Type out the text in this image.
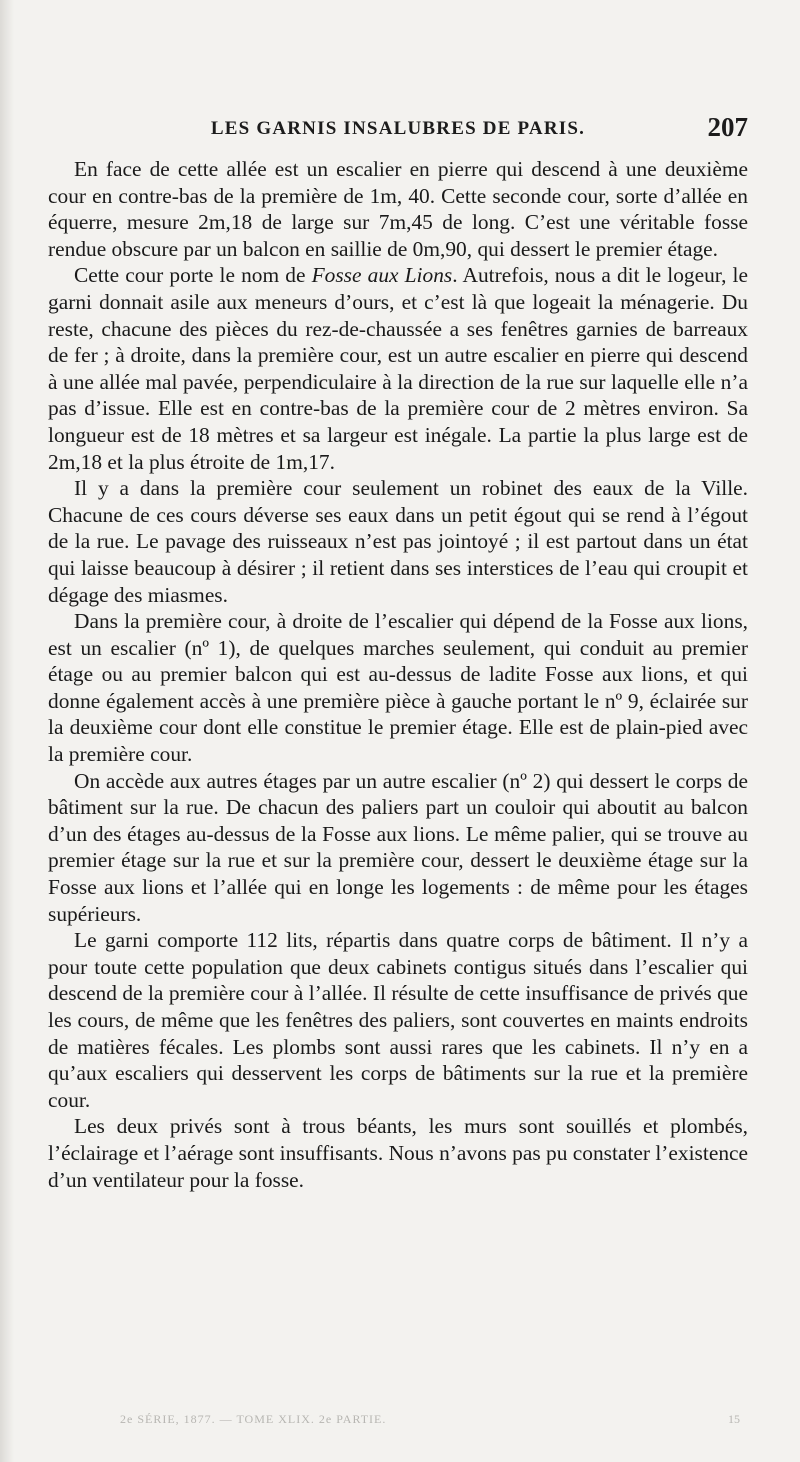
LES GARNIS INSALUBRES DE PARIS.	207

En face de cette allée est un escalier en pierre qui descend à une deuxième cour en contre-bas de la première de 1m, 40. Cette seconde cour, sorte d’allée en équerre, mesure 2m,18 de large sur 7m,45 de long. C’est une véritable fosse rendue obscure par un balcon en saillie de 0m,90, qui dessert le premier étage.

Cette cour porte le nom de Fosse aux Lions. Autrefois, nous a dit le logeur, le garni donnait asile aux meneurs d’ours, et c’est là que logeait la ménagerie. Du reste, chacune des pièces du rez-de-chaussée a ses fenêtres garnies de barreaux de fer ; à droite, dans la première cour, est un autre escalier en pierre qui descend à une allée mal pavée, perpendiculaire à la direction de la rue sur laquelle elle n’a pas d’issue. Elle est en contre-bas de la première cour de 2 mètres environ. Sa longueur est de 18 mètres et sa largeur est inégale. La partie la plus large est de 2m,18 et la plus étroite de 1m,17.

Il y a dans la première cour seulement un robinet des eaux de la Ville. Chacune de ces cours déverse ses eaux dans un petit égout qui se rend à l’égout de la rue. Le pavage des ruisseaux n’est pas jointoyé ; il est partout dans un état qui laisse beaucoup à désirer ; il retient dans ses interstices de l’eau qui croupit et dégage des miasmes.

Dans la première cour, à droite de l’escalier qui dépend de la Fosse aux lions, est un escalier (nº 1), de quelques marches seulement, qui conduit au premier étage ou au premier balcon qui est au-dessus de ladite Fosse aux lions, et qui donne également accès à une première pièce à gauche portant le nº 9, éclairée sur la deuxième cour dont elle constitue le premier étage. Elle est de plain-pied avec la première cour.

On accède aux autres étages par un autre escalier (nº 2) qui dessert le corps de bâtiment sur la rue. De chacun des paliers part un couloir qui aboutit au balcon d’un des étages au-dessus de la Fosse aux lions. Le même palier, qui se trouve au premier étage sur la rue et sur la première cour, dessert le deuxième étage sur la Fosse aux lions et l’allée qui en longe les logements : de même pour les étages supérieurs.

Le garni comporte 112 lits, répartis dans quatre corps de bâtiment. Il n’y a pour toute cette population que deux cabinets contigus situés dans l’escalier qui descend de la première cour à l’allée. Il résulte de cette insuffisance de privés que les cours, de même que les fenêtres des paliers, sont couvertes en maints endroits de matières fécales. Les plombs sont aussi rares que les cabinets. Il n’y en a qu’aux escaliers qui desservent les corps de bâtiments sur la rue et la première cour.

Les deux privés sont à trous béants, les murs sont souillés et plombés, l’éclairage et l’aérage sont insuffisants. Nous n’avons pas pu constater l’existence d’un ventilateur pour la fosse.

2e SÉRIE, 1877. — TOME XLIX. 2e PARTIE.	15
